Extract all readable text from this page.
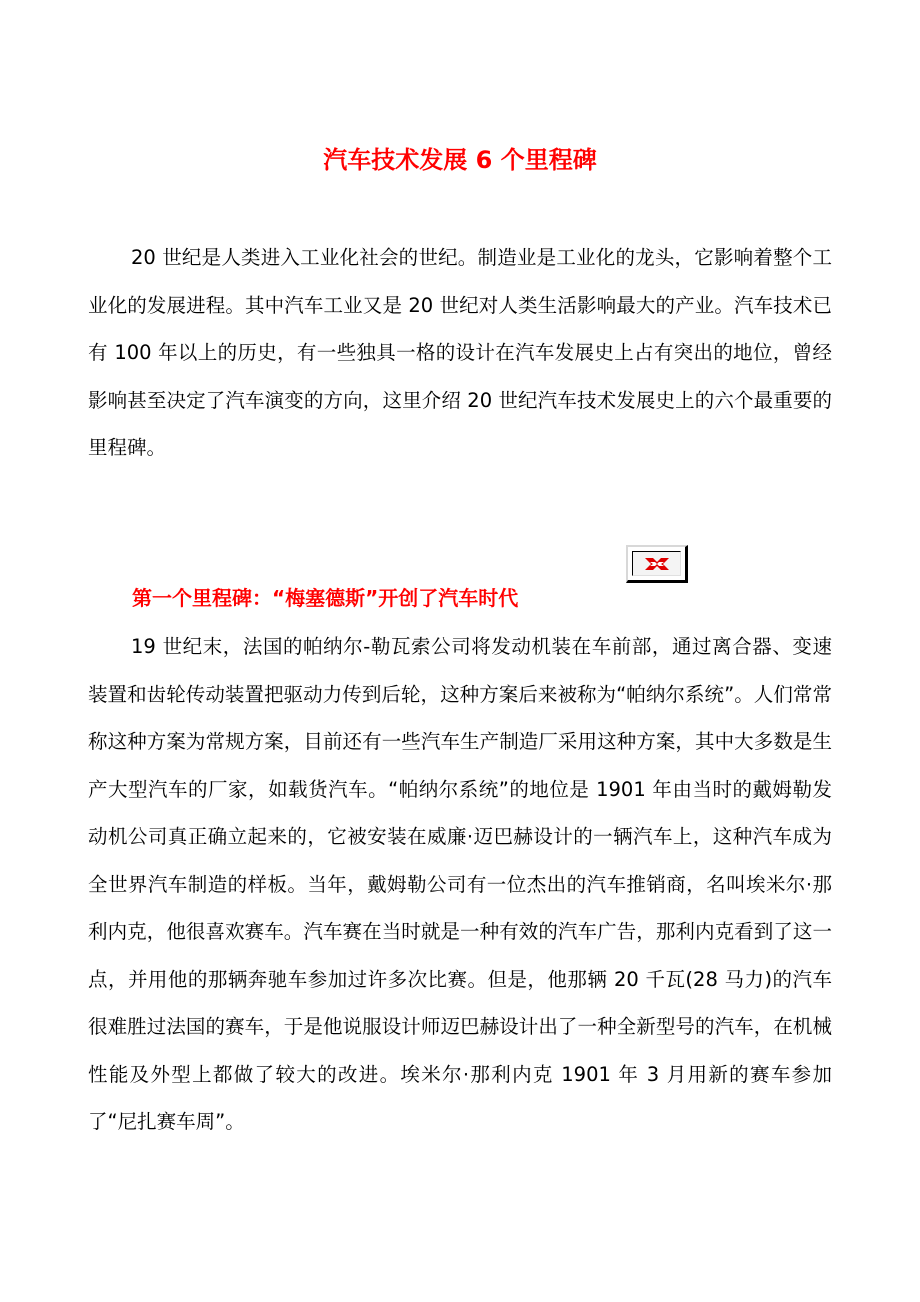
汽车技术发展 6 个里程碑

20 世纪是人类进入工业化社会的世纪。制造业是工业化的龙头，它影响着整个工业化的发展进程。其中汽车工业又是 20 世纪对人类生活影响最大的产业。汽车技术已有 100 年以上的历史，有一些独具一格的设计在汽车发展史上占有突出的地位，曾经影响甚至决定了汽车演变的方向，这里介绍 20 世纪汽车技术发展史上的六个最重要的里程碑。

第一个里程碑：“梅塞德斯”开创了汽车时代

19 世纪末，法国的帕纳尔-勒瓦索公司将发动机装在车前部，通过离合器、变速装置和齿轮传动装置把驱动力传到后轮，这种方案后来被称为“帕纳尔系统”。人们常常称这种方案为常规方案，目前还有一些汽车生产制造厂采用这种方案，其中大多数是生产大型汽车的厂家，如载货汽车。“帕纳尔系统”的地位是 1901 年由当时的戴姆勒发动机公司真正确立起来的，它被安装在威廉·迈巴赫设计的一辆汽车上，这种汽车成为全世界汽车制造的样板。当年，戴姆勒公司有一位杰出的汽车推销商，名叫埃米尔·那利内克，他很喜欢赛车。汽车赛在当时就是一种有效的汽车广告，那利内克看到了这一点，并用他的那辆奔驰车参加过许多次比赛。但是，他那辆 20 千瓦(28 马力)的汽车很难胜过法国的赛车，于是他说服设计师迈巴赫设计出了一种全新型号的汽车，在机械性能及外型上都做了较大的改进。埃米尔·那利内克 1901 年 3 月用新的赛车参加了“尼扎赛车周”。
